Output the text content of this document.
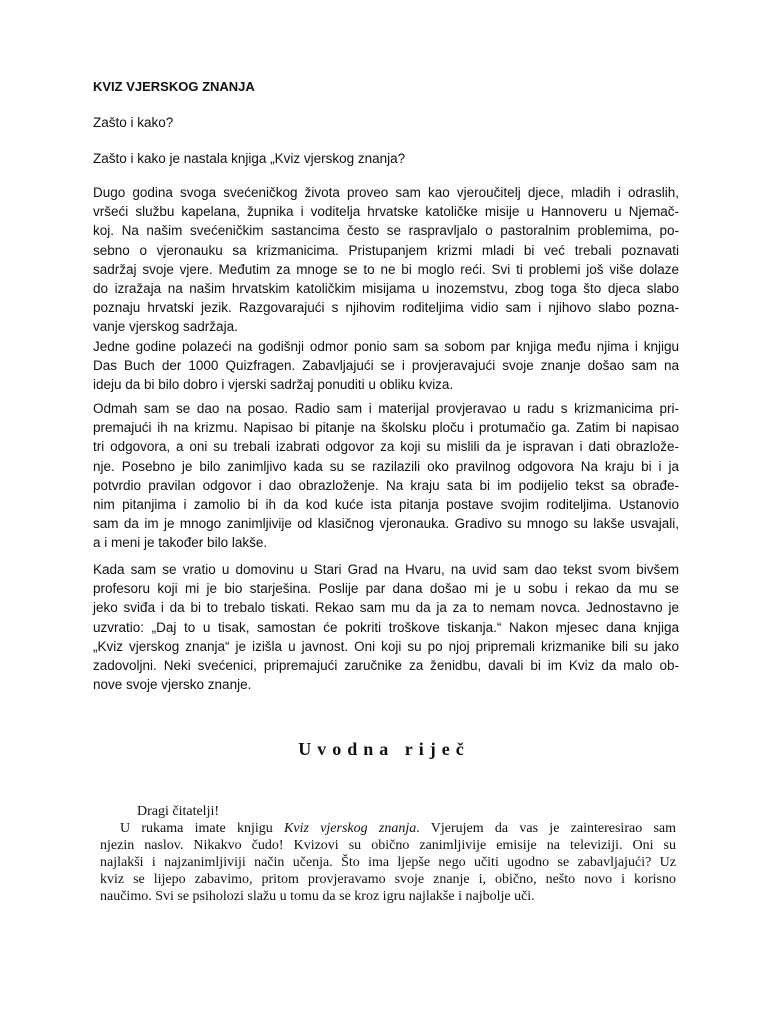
KVIZ VJERSKOG ZNANJA
Zašto i kako?
Zašto i kako je nastala knjiga „Kviz vjerskog znanja?
Dugo godina svoga svećeničkog života proveo sam kao vjeroučitelj djece, mladih i odraslih,
vršeći službu kapelana, župnika i voditelja hrvatske katoličke misije u Hannoveru u Njemač-
koj. Na našim svećeničkim sastancima često se raspravljalo o pastoralnim problemima, po-
sebno o vjeronauku sa krizmanicima. Pristupanjem krizmi mladi bi već trebali poznavati
sadržaj svoje vjere. Međutim za mnoge se to ne bi moglo reći. Svi ti problemi još više dolaze
do izražaja na našim hrvatskim katoličkim misijama u inozemstvu, zbog toga što djeca slabo
poznaju hrvatski jezik. Razgovarajući s njihovim roditeljima vidio sam i njihovo slabo pozna-
vanje vjerskog sadržaja.
Jedne godine polazeći na godišnji odmor ponio sam sa sobom par knjiga među njima i knjigu
Das Buch der 1000 Quizfragen. Zabavljajući se i provjeravajući svoje znanje došao sam na
ideju da bi bilo dobro i vjerski sadržaj ponuditi u obliku kviza.
Odmah sam se dao na posao. Radio sam i materijal provjeravao u radu s krizmanicima pri-
premajući ih na krizmu. Napisao bi pitanje na školsku ploču i protumačio ga. Zatim bi napisao
tri odgovora, a oni su trebali izabrati odgovor za koji su mislili da je ispravan i dati obrazlože-
nje. Posebno je bilo zanimljivo kada su se razilazili oko pravilnog odgovora Na kraju bi i ja
potvrdio pravilan odgovor i dao obrazloženje. Na kraju sata bi im podijelio tekst sa obrađe-
nim pitanjima i zamolio bi ih da kod kuće ista pitanja postave svojim roditeljima. Ustanovio
sam da im je mnogo zanimljivije od klasičnog vjeronauka. Gradivo su mnogo su lakše usvajali,
a i meni je također bilo lakše.
Kada sam se vratio u domovinu u Stari Grad na Hvaru, na uvid sam dao tekst svom bivšem
profesoru koji mi je bio starješina. Poslije par dana došao mi je u sobu i rekao da mu se
jeko sviđa i da bi to trebalo tiskati. Rekao sam mu da ja za to nemam novca. Jednostavno je
uzvratio: „Daj to u tisak, samostan će pokriti troškove tiskanja.“ Nakon mjesec dana knjiga
„Kviz vjerskog znanja“ je izišla u javnost. Oni koji su po njoj pripremali krizmanike bili su jako
zadovoljni. Neki svećenici, pripremajući zaručnike za ženidbu, davali bi im Kviz da malo ob-
nove svoje vjersko znanje.
Uvodna riječ
Dragi čitatelji!
U rukama imate knjigu Kviz vjerskog znanja. Vjerujem da vas je zainteresirao sam
njezin naslov. Nikakvo čudo! Kvizovi su obično zanimljivije emisije na televiziji. Oni su
najlakši i najzanimljiviji način učenja. Što ima ljepše nego učiti ugodno se zabavljajući? Uz
kviz se lijepo zabavimo, pritom provjeravamo svoje znanje i, obično, nešto novo i korisno
naučimo. Svi se psiholozi slažu u tomu da se kroz igru najlakše i najbolje uči.
